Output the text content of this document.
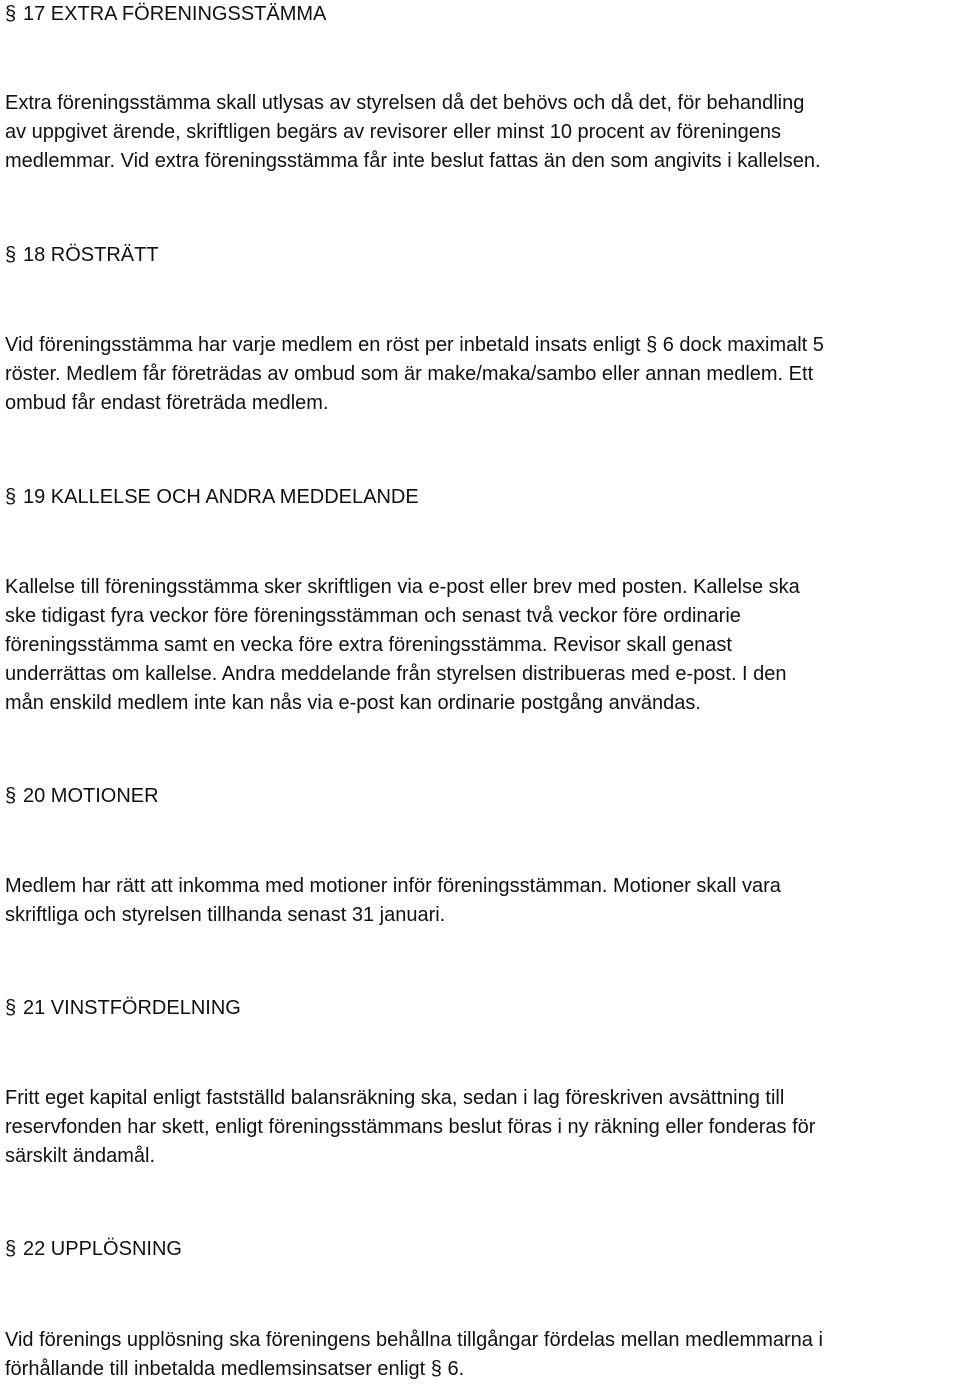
§ 17 EXTRA FÖRENINGSSTÄMMA

Extra föreningsstämma skall utlysas av styrelsen då det behövs och då det, för behandling
av uppgivet ärende, skriftligen begärs av revisorer eller minst 10 procent av föreningens
medlemmar. Vid extra föreningsstämma får inte beslut fattas än den som angivits i kallelsen.

§ 18 RÖSTRÄTT

Vid föreningsstämma har varje medlem en röst per inbetald insats enligt § 6 dock maximalt 5
röster. Medlem får företrädas av ombud som är make/maka/sambo eller annan medlem. Ett
ombud får endast företräda medlem.

§ 19 KALLELSE OCH ANDRA MEDDELANDE

Kallelse till föreningsstämma sker skriftligen via e-post eller brev med posten. Kallelse ska
ske tidigast fyra veckor före föreningsstämman och senast två veckor före ordinarie
föreningsstämma samt en vecka före extra föreningsstämma. Revisor skall genast
underrättas om kallelse. Andra meddelande från styrelsen distribueras med e-post. I den
mån enskild medlem inte kan nås via e-post kan ordinarie postgång användas.

§ 20 MOTIONER

Medlem har rätt att inkomma med motioner inför föreningsstämman. Motioner skall vara
skriftliga och styrelsen tillhanda senast 31 januari.

§ 21 VINSTFÖRDELNING

Fritt eget kapital enligt fastställd balansräkning ska, sedan i lag föreskriven avsättning till
reservfonden har skett, enligt föreningsstämmans beslut föras i ny räkning eller fonderas för
särskilt ändamål.

§ 22 UPPLÖSNING

Vid förenings upplösning ska föreningens behållna tillgångar fördelas mellan medlemmarna i
förhållande till inbetalda medlemsinsatser enligt § 6.
